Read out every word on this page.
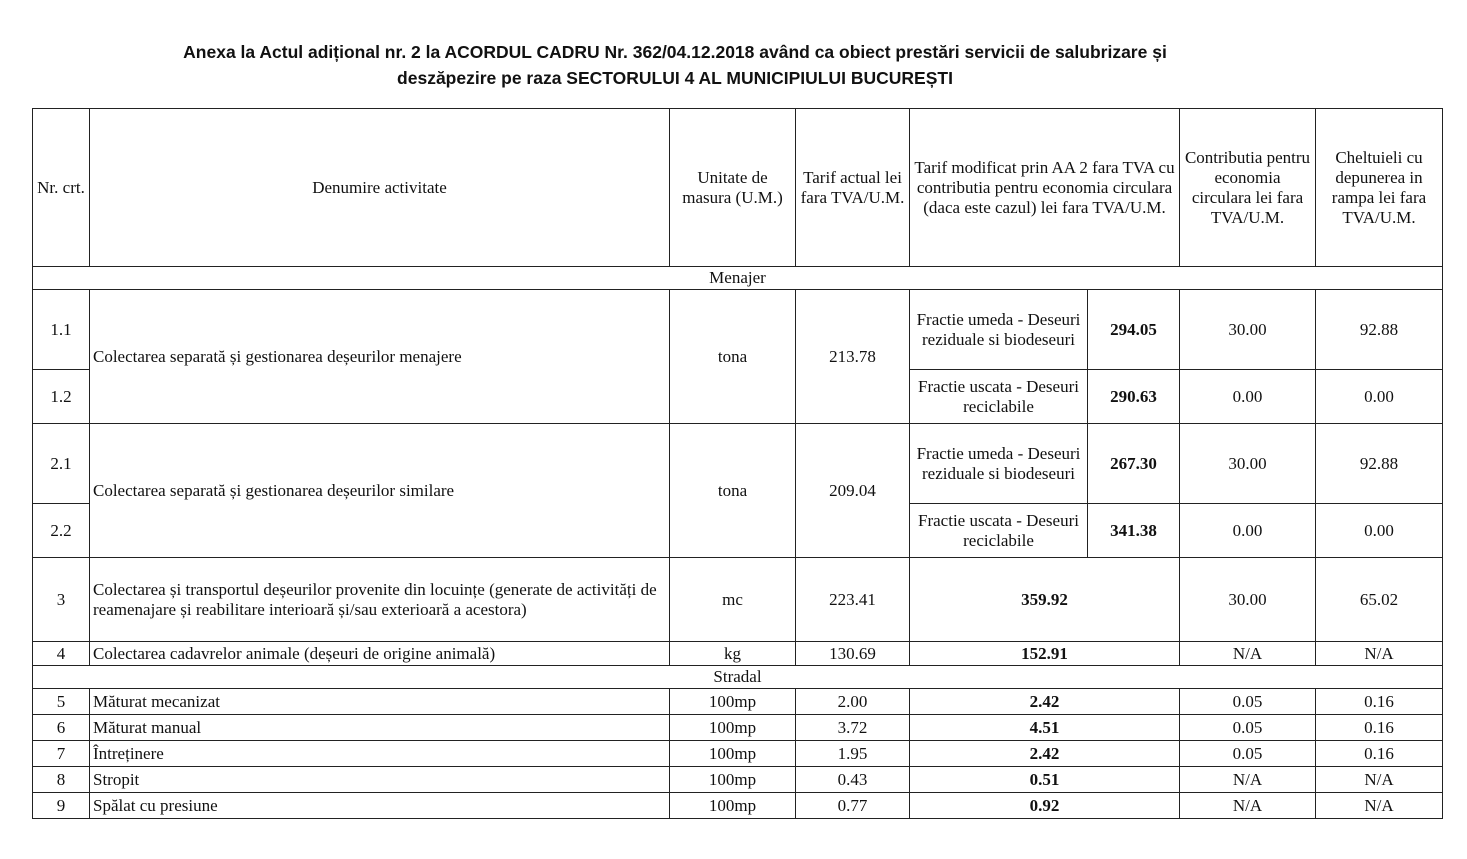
Anexa la Actul adițional nr. 2 la ACORDUL CADRU Nr. 362/04.12.2018 având ca obiect prestări servicii de salubrizare și
deszăpezire pe raza SECTORULUI 4 AL MUNICIPIULUI BUCUREȘTI
Nr. crt.	Denumire activitate	Unitate de masura (U.M.)	Tarif actual lei fara TVA/U.M.	Tarif modificat prin AA 2 fara TVA cu contributia pentru economia circulara (daca este cazul) lei fara TVA/U.M.		Contributia pentru economia circulara lei fara TVA/U.M.	Cheltuieli cu depunerea in rampa lei fara TVA/U.M.
Menajer							
1.1	Colectarea separată și gestionarea deșeurilor menajere	tona	213.78	Fractie umeda - Deseuri reziduale si biodeseuri	294.05	30.00	92.88
1.2				Fractie uscata - Deseuri reciclabile	290.63	0.00	0.00
2.1	Colectarea separată și gestionarea deșeurilor similare	tona	209.04	Fractie umeda - Deseuri reziduale si biodeseuri	267.30	30.00	92.88
2.2				Fractie uscata - Deseuri reciclabile	341.38	0.00	0.00
3	Colectarea și transportul deșeurilor provenite din locuințe (generate de activități de reamenajare și reabilitare interioară și/sau exterioară a acestora)	mc	223.41	359.92		30.00	65.02
4	Colectarea cadavrelor animale (deșeuri de origine animală)	kg	130.69	152.91		N/A	N/A
Stradal							
5	Măturat mecanizat	100mp	2.00	2.42		0.05	0.16
6	Măturat manual	100mp	3.72	4.51		0.05	0.16
7	Întreținere	100mp	1.95	2.42		0.05	0.16
8	Stropit	100mp	0.43	0.51		N/A	N/A
9	Spălat cu presiune	100mp	0.77	0.92		N/A	N/A
